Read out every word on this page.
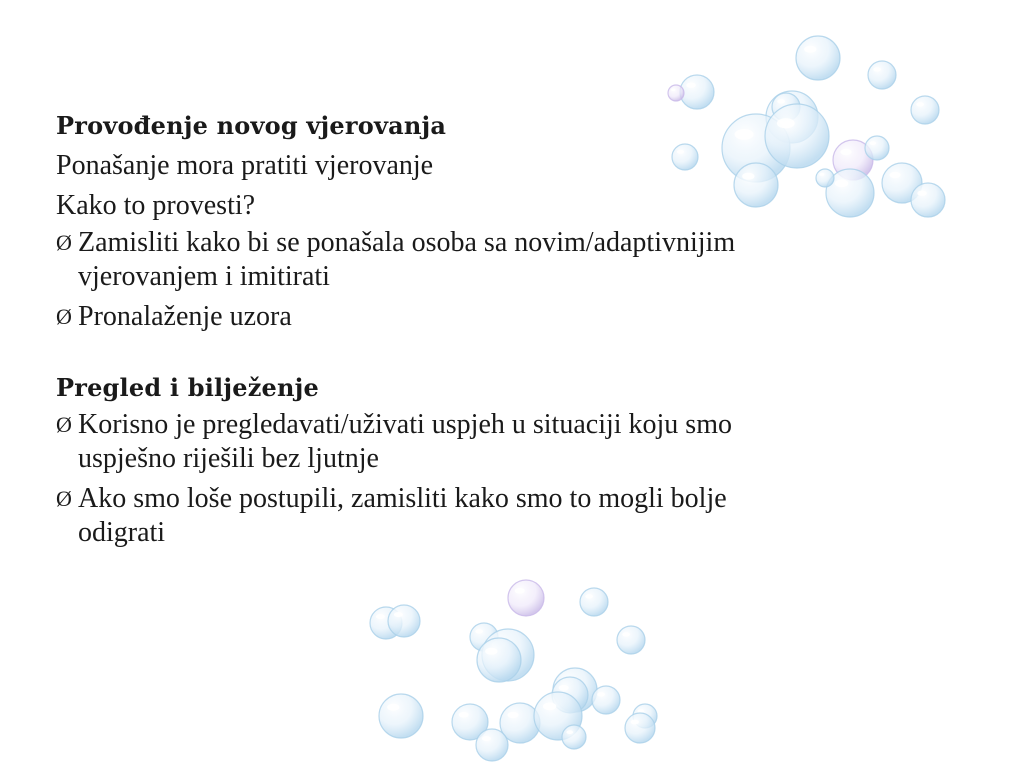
Provođenje novog vjerovanja

Ponašanje mora pratiti vjerovanje

Kako to provesti?

Ø Zamisliti kako bi se ponašala osoba sa novim/adaptivnijim
vjerovanjem i imitirati
Ø Pronalaženje uzora

Pregled i bilježenje

Ø Korisno je pregledavati/uživati uspjeh u situaciji koju smo
uspješno riješili bez ljutnje
Ø Ako smo loše postupili, zamisliti kako smo to mogli bolje
odigrati
